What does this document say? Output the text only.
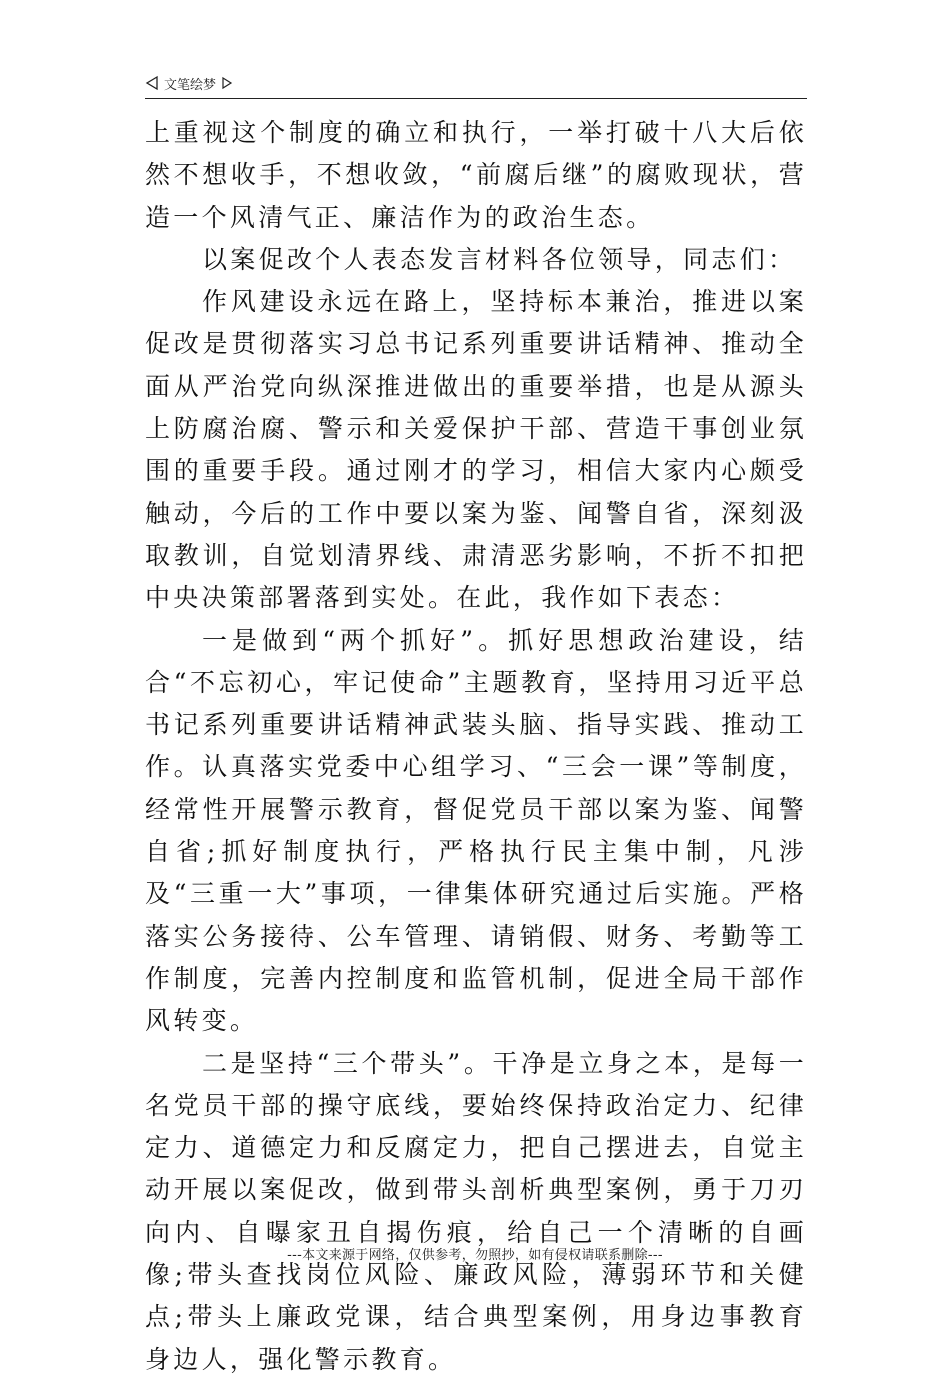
文笔绘梦

上重视这个制度的确立和执行，一举打破十八大后依然不想收手，不想收敛，“前腐后继”的腐败现状，营造一个风清气正、廉洁作为的政治生态。

以案促改个人表态发言材料各位领导，同志们：

作风建设永远在路上，坚持标本兼治，推进以案促改是贯彻落实习总书记系列重要讲话精神、推动全面从严治党向纵深推进做出的重要举措，也是从源头上防腐治腐、警示和关爱保护干部、营造干事创业氛围的重要手段。通过刚才的学习，相信大家内心颇受触动，今后的工作中要以案为鉴、闻警自省，深刻汲取教训，自觉划清界线、肃清恶劣影响，不折不扣把中央决策部署落到实处。在此，我作如下表态：

一是做到“两个抓好”。抓好思想政治建设，结合“不忘初心，牢记使命”主题教育，坚持用习近平总书记系列重要讲话精神武装头脑、指导实践、推动工作。认真落实党委中心组学习、“三会一课”等制度，经常性开展警示教育，督促党员干部以案为鉴、闻警自省;抓好制度执行，严格执行民主集中制，凡涉及“三重一大”事项，一律集体研究通过后实施。严格落实公务接待、公车管理、请销假、财务、考勤等工作制度，完善内控制度和监管机制，促进全局干部作风转变。

二是坚持“三个带头”。干净是立身之本，是每一名党员干部的操守底线，要始终保持政治定力、纪律定力、道德定力和反腐定力，把自己摆进去，自觉主动开展以案促改，做到带头剖析典型案例，勇于刀刃向内、自曝家丑自揭伤痕，给自己一个清晰的自画像;带头查找岗位风险、廉政风险，薄弱环节和关健点;带头上廉政党课，结合典型案例，用身边事教育身边人，强化警示教育。

---本文来源于网络，仅供参考，勿照抄，如有侵权请联系删除---
